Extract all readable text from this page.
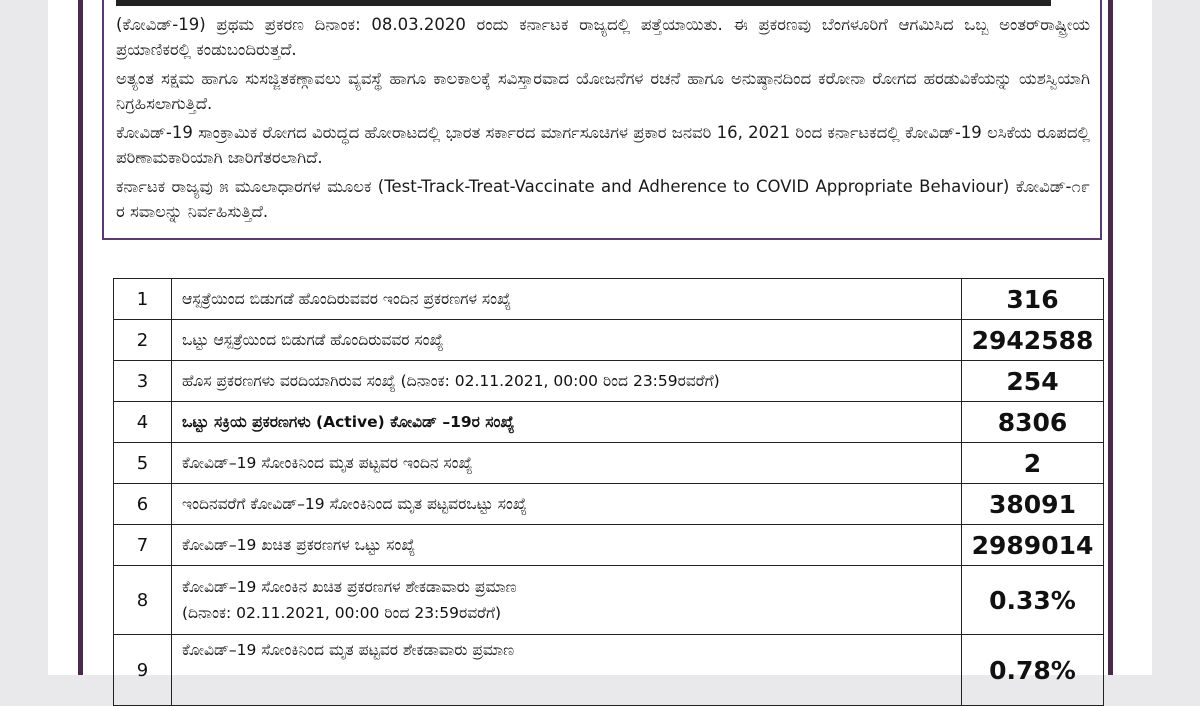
(ಕೋವಿಡ್-19) ಪ್ರಥಮ ಪ್ರಕರಣ ದಿನಾಂಕ: 08.03.2020 ರಂದು ಕರ್ನಾಟಕ ರಾಜ್ಯದಲ್ಲಿ ಪತ್ತೆಯಾಯಿತು. ಈ ಪ್ರಕರಣವು ಬೆಂಗಳೂರಿಗೆ ಆಗಮಿಸಿದ ಒಬ್ಬ ಅಂತರ್‌ರಾಷ್ಟ್ರೀಯ ಪ್ರಯಾಣಿಕರಲ್ಲಿ ಕಂಡುಬಂದಿರುತ್ತದೆ.

ಅತ್ಯಂತ ಸಕ್ಷಮ ಹಾಗೂ ಸುಸಜ್ಜಿತಕಣ್ಗಾವಲು ವ್ಯವಸ್ಥೆ ಹಾಗೂ ಕಾಲಕಾಲಕ್ಕೆ ಸವಿಸ್ತಾರವಾದ ಯೋಜನೆಗಳ ರಚನೆ ಹಾಗೂ ಅನುಷ್ಠಾನದಿಂದ ಕರೋನಾ ರೋಗದ ಹರಡುವಿಕೆಯನ್ನು ಯಶಸ್ವಿಯಾಗಿ ನಿಗ್ರಹಿಸಲಾಗುತ್ತಿದೆ.

ಕೋವಿಡ್-19 ಸಾಂಕ್ರಾಮಿಕ ರೋಗದ ವಿರುದ್ಧದ ಹೋರಾಟದಲ್ಲಿ ಭಾರತ ಸರ್ಕಾರದ ಮಾರ್ಗಸೂಚಿಗಳ ಪ್ರಕಾರ ಜನವರಿ 16, 2021 ರಿಂದ ಕರ್ನಾಟಕದಲ್ಲಿ ಕೋವಿಡ್-19 ಲಸಿಕೆಯ ರೂಪದಲ್ಲಿ ಪರಿಣಾಮಕಾರಿಯಾಗಿ ಜಾರಿಗೆತರಲಾಗಿದೆ.

ಕರ್ನಾಟಕ ರಾಜ್ಯವು ೫ ಮೂಲಾಧಾರಗಳ ಮೂಲಕ (Test-Track-Treat-Vaccinate and Adherence to COVID Appropriate Behaviour) ಕೋವಿಡ್-೧೯ ರ ಸವಾಲನ್ನು ನಿರ್ವಹಿಸುತ್ತಿದೆ.

1	ಆಸ್ಪತ್ರೆಯಿಂದ ಬಿಡುಗಡೆ ಹೊಂದಿರುವವರ ಇಂದಿನ ಪ್ರಕರಣಗಳ ಸಂಖ್ಯೆ	316
2	ಒಟ್ಟು ಆಸ್ಪತ್ರೆಯಿಂದ ಬಿಡುಗಡೆ ಹೊಂದಿರುವವರ ಸಂಖ್ಯೆ	2942588
3	ಹೊಸ ಪ್ರಕರಣಗಳು ವರದಿಯಾಗಿರುವ ಸಂಖ್ಯೆ (ದಿನಾಂಕ: 02.11.2021, 00:00 ರಿಂದ 23:59ರವರೆಗೆ)	254
4	ಒಟ್ಟು ಸಕ್ರಿಯ ಪ್ರಕರಣಗಳು (Active) ಕೋವಿಡ್ –19ರ ಸಂಖ್ಯೆ	8306
5	ಕೋವಿಡ್–19 ಸೋಂಕಿನಿಂದ ಮೃತ ಪಟ್ಟವರ ಇಂದಿನ ಸಂಖ್ಯೆ	2
6	ಇಂದಿನವರೆಗೆ ಕೋವಿಡ್–19 ಸೋಂಕಿನಿಂದ ಮೃತ ಪಟ್ಟವರಒಟ್ಟು ಸಂಖ್ಯೆ	38091
7	ಕೋವಿಡ್–19 ಖಚಿತ ಪ್ರಕರಣಗಳ ಒಟ್ಟು ಸಂಖ್ಯೆ	2989014
8	ಕೋವಿಡ್–19 ಸೋಂಕಿನ ಖಚಿತ ಪ್ರಕರಣಗಳ ಶೇಕಡಾವಾರು ಪ್ರಮಾಣ
(ದಿನಾಂಕ: 02.11.2021, 00:00 ರಿಂದ 23:59ರವರೆಗೆ)	0.33%
9	ಕೋವಿಡ್–19 ಸೋಂಕಿನಿಂದ ಮೃತ ಪಟ್ಟವರ ಶೇಕಡಾವಾರು ಪ್ರಮಾಣ	0.78%
